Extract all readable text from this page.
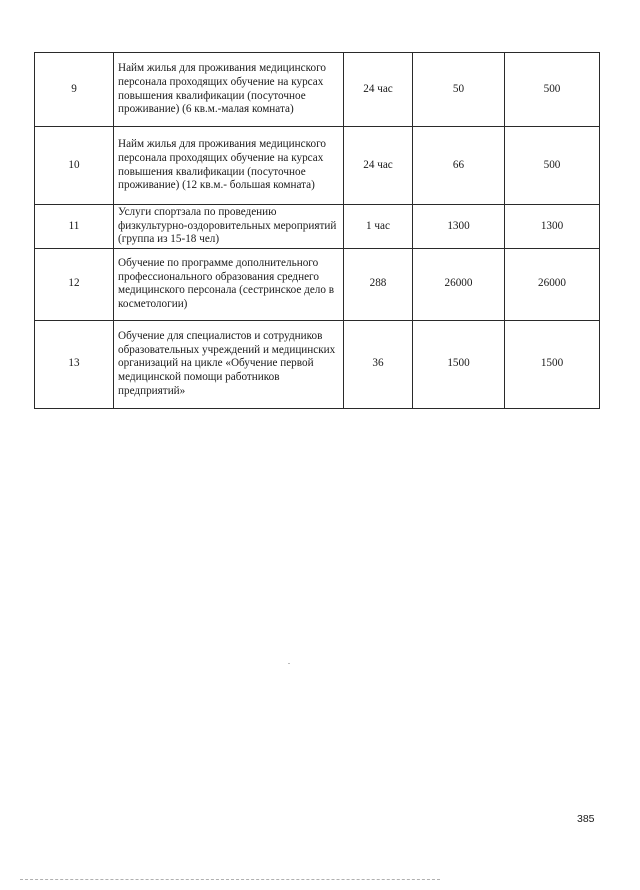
9	Найм жилья для проживания медицинского персонала проходящих обучение на курсах повышения квалификации (посуточное проживание) (6 кв.м.-малая комната)	24 час	50	500
10	Найм жилья для проживания медицинского персонала проходящих обучение на курсах повышения квалификации (посуточное проживание) (12 кв.м.- большая комната)	24 час	66	500
11	Услуги спортзала по проведению физкультурно-оздоровительных мероприятий (группа из 15-18 чел)	1 час	1300	1300
12	Обучение по программе дополнительного профессионального образования среднего медицинского персонала (сестринское дело в косметологии)	288	26000	26000
13	Обучение для специалистов и сотрудников образовательных учреждений и медицинских организаций на цикле «Обучение первой медицинской помощи работников предприятий»	36	1500	1500
385
